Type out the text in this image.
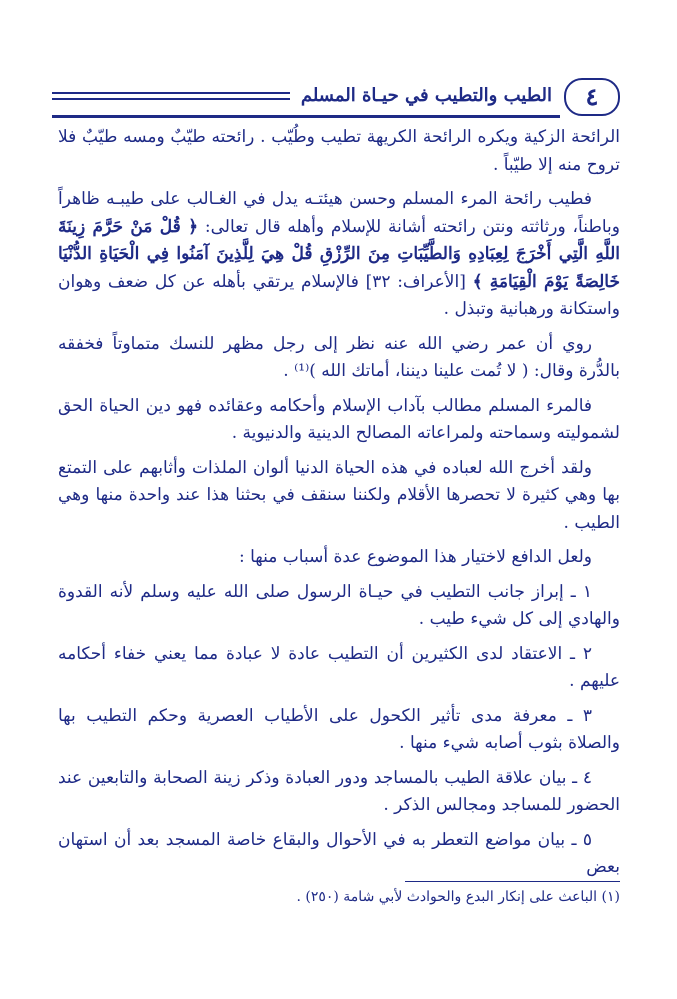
٤
الطيب والتطيب في حيـاة المسلم

الرائحة الزكية ويكره الرائحة الكريهة تطيب وطُيّب . رائحته طيّبٌ ومسه طيّبٌ فلا تروح منه إلا طيّباً .

فطيب رائحة المرء المسلم وحسن هيئتـه يدل في الغـالب على طيبـه ظاهراً وباطناً، ورثاثته ونتن رائحته أشانة للإسلام وأهله قال تعالى: ﴿ قُلْ مَنْ حَرَّمَ زِينَةَ اللَّهِ الَّتِي أَخْرَجَ لِعِبَادِهِ وَالطَّيِّبَاتِ مِنَ الرِّزْقِ قُلْ هِيَ لِلَّذِينَ آمَنُوا فِي الْحَيَاةِ الدُّنْيَا خَالِصَةً يَوْمَ الْقِيَامَةِ ﴾ [الأعراف: ٣٢] فالإسلام يرتقي بأهله عن كل ضعف وهوان واستكانة ورهبانية وتبذل .

روي أن عمر رضي الله عنه نظر إلى رجل مظهر للنسك متماوتاً فخفقه بالدُّرة وقال: ( لا تُمت علينا ديننا، أماتك الله )⁽¹⁾ .

فالمرء المسلم مطالب بآداب الإسلام وأحكامه وعقائده فهو دين الحياة الحق لشموليته وسماحته ولمراعاته المصالح الدينية والدنيوية .

ولقد أخرج الله لعباده في هذه الحياة الدنيا ألوان الملذات وأثابهم على التمتع بها وهي كثيرة لا تحصرها الأقلام ولكننا سنقف في بحثنا هذا عند واحدة منها وهي الطيب .

ولعل الدافع لاختيار هذا الموضوع عدة أسباب منها :

١ ـ إبراز جانب التطيب في حيـاة الرسول صلى الله عليه وسلم لأنه القدوة والهادي إلى كل شيء طيب .

٢ ـ الاعتقاد لدى الكثيرين أن التطيب عادة لا عبادة مما يعني خفاء أحكامه عليهم .

٣ ـ معرفة مدى تأثير الكحول على الأطياب العصرية وحكم التطيب بها والصلاة بثوب أصابه شيء منها .

٤ ـ بيان علاقة الطيب بالمساجد ودور العبادة وذكر زينة الصحابة والتابعين عند الحضور للمساجد ومجالس الذكر .

٥ ـ بيان مواضع التعطر به في الأحوال والبقاع خاصة المسجد بعد أن استهان بعض

(١) الباعث على إنكار البدع والحوادث لأبي شامة (٢٥٠) .
